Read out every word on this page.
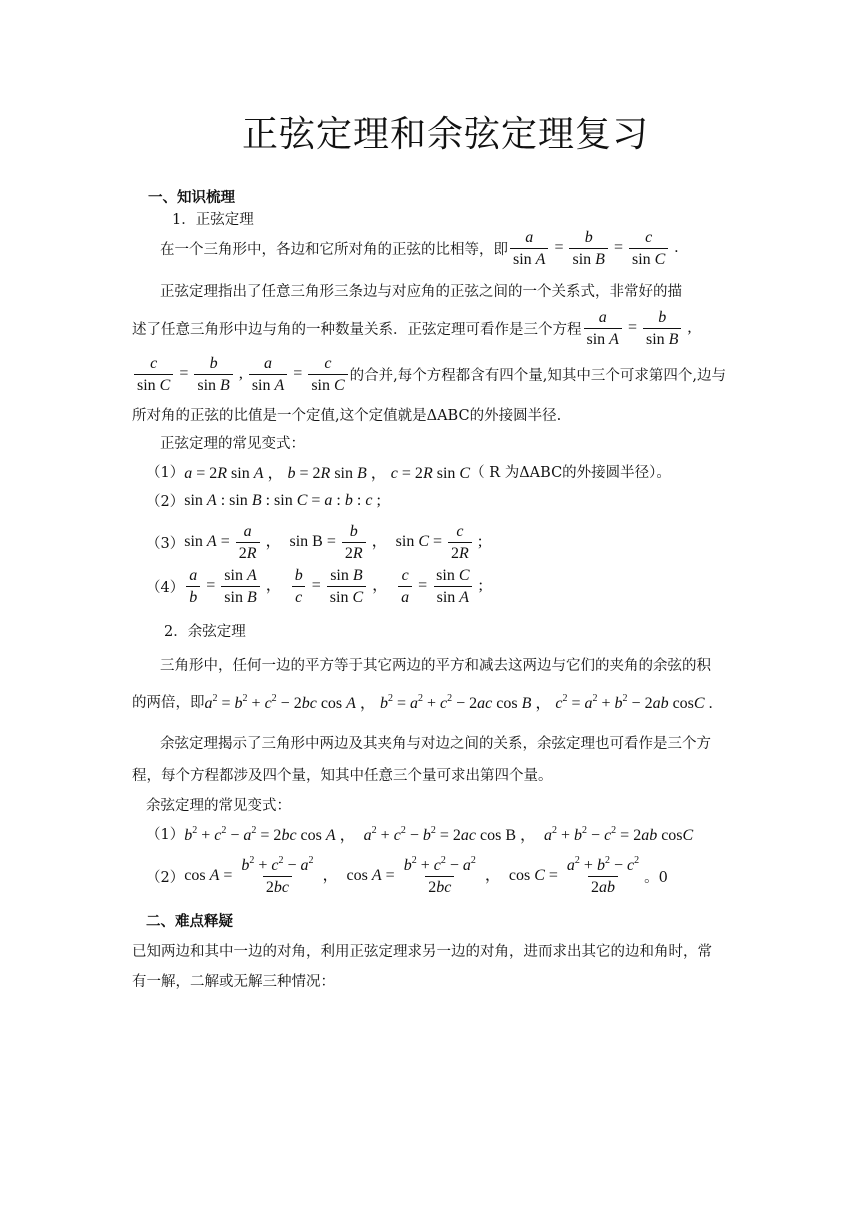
正弦定理和余弦定理复习
一、知识梳理
1．正弦定理
在一个三角形中，各边和它所对角的正弦的比相等，即 $\frac{a}{\text{sin A}} = \frac{b}{\text{sin B}} = \frac{c}{\text{sin C}}$ .
正弦定理指出了任意三角形三条边与对应角的正弦之间的一个关系式，非常好的描
述了任意三角形中边与角的一种数量关系．正弦定理可看作是三个方程 $\frac{a}{\text{sin A}} = \frac{b}{\text{sin B}}$ ,
$\frac{c}{\text{sin C}} = \frac{b}{\text{sin B}}$ , $\frac{a}{\text{sin A}} = \frac{c}{\text{sin C}}$ 的合并,每个方程都含有四个量,知其中三个可求第四个,边与
所对角的正弦的比值是一个定值,这个定值就是ΔABC的外接圆半径.
正弦定理的常见变式：
（1） a = 2R sin A ， b = 2R sin B ， c = 2R sin C （ R 为ΔABC的外接圆半径）。
（2） sin A : sin B : sin C = a : b : c ;
（3） $\sin A = \frac{a}{2R}$ ，  $\sin B = \frac{b}{2R}$ ，  $\sin C = \frac{c}{2R}$ ;
$(4) \frac{a}{b} = \frac{\text{sin A}}{\text{sin B}}$ ， $\frac{b}{c} = \frac{\text{sin B}}{\text{sin C}}$ ， $\frac{c}{a} = \frac{\text{sin C}}{\text{sin A}}$ ;
2．余弦定理
三角形中，任何一边的平方等于其它两边的平方和减去这两边与它们的夹角的余弦的积
的两倍，即 $a^2 = b^2 + c^2 - 2bc$ cos A ， $b^2 = a^2 + c^2 - 2ac$ cos B ， $c^2 = a^2 + b^2 - 2ab$ cosC .
余弦定理揭示了三角形中两边及其夹角与对边之间的关系，余弦定理也可看作是三个方
程，每个方程都涉及四个量，知其中任意三个量可求出第四个量。
余弦定理的常见变式：
（1） $b^2 + c^2 - a^2 = 2bc$ cos A ，  $a^2 + c^2 - b^2 = 2ac$ cos B ，  $a^2 + b^2 - c^2 = 2ab$ cosC
（2） $\cos A = \frac{b^2 + c^2 - a^2}{2bc}$ ，  $\cos A = \frac{b^2 + c^2 - a^2}{2bc}$ ，  $\cos C = \frac{a^2 + b^2 - c^2}{2ab}$ 。0
二、难点释疑
已知两边和其中一边的对角，利用正弦定理求另一边的对角，进而求出其它的边和角时，常
有一解，二解或无解三种情况：
